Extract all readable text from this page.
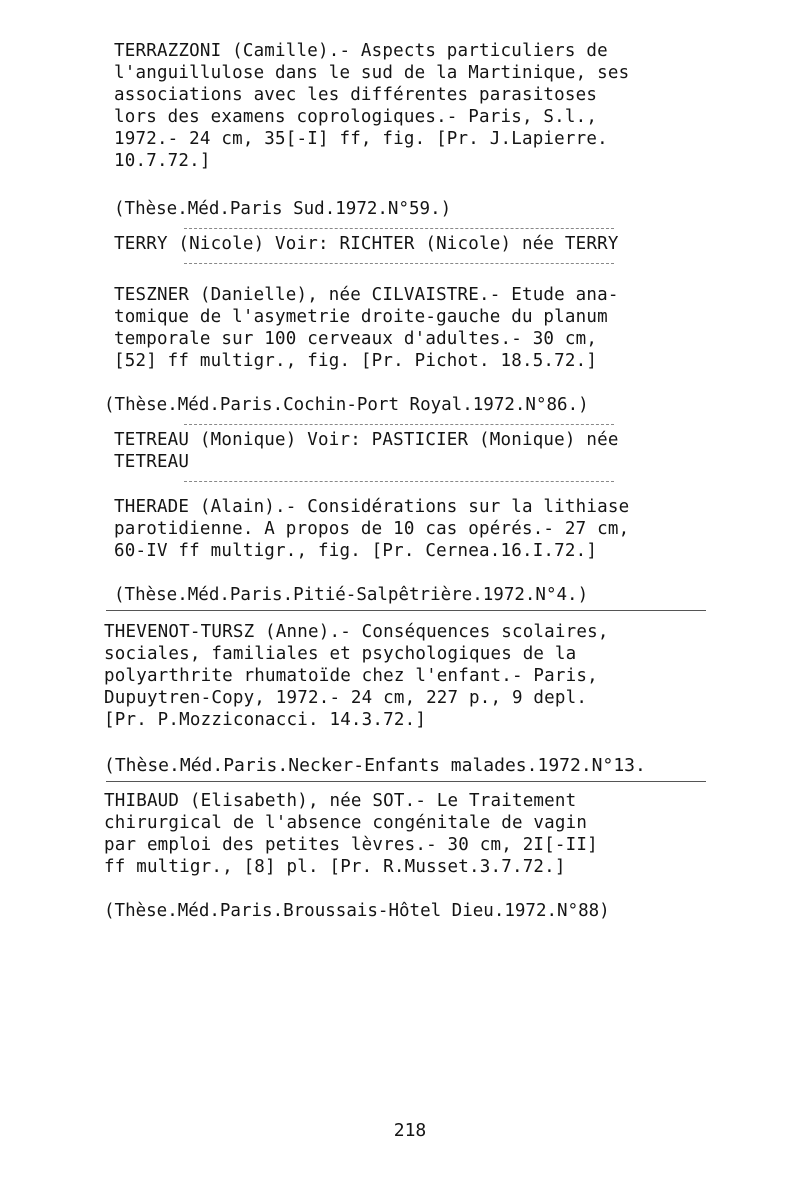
TERRAZZONI (Camille).- Aspects particuliers de
l'anguillulose dans le sud de la Martinique, ses
associations avec les différentes parasitoses
lors des examens coprologiques.- Paris, S.l.,
1972.- 24 cm, 35[-I] ff, fig. [Pr. J.Lapierre.
10.7.72.]
(Thèse.Méd.Paris Sud.1972.N°59.)
TERRY (Nicole) Voir: RICHTER (Nicole) née TERRY
TESZNER (Danielle), née CILVAISTRE.- Etude ana-
tomique de l'asymetrie droite-gauche du planum
temporale sur 100 cerveaux d'adultes.- 30 cm,
[52] ff multigr., fig. [Pr. Pichot. 18.5.72.]
(Thèse.Méd.Paris.Cochin-Port Royal.1972.N°86.)
TETREAU (Monique) Voir: PASTICIER (Monique) née
TETREAU
THERADE (Alain).- Considérations sur la lithiase
parotidienne. A propos de 10 cas opérés.- 27 cm,
60-IV ff multigr., fig. [Pr. Cernea.16.I.72.]
(Thèse.Méd.Paris.Pitié-Salpêtrière.1972.N°4.)
THEVENOT-TURSZ (Anne).- Conséquences scolaires,
sociales, familiales et psychologiques de la
polyarthrite rhumatoïde chez l'enfant.- Paris,
Dupuytren-Copy, 1972.- 24 cm, 227 p., 9 depl.
[Pr. P.Mozziconacci. 14.3.72.]
(Thèse.Méd.Paris.Necker-Enfants malades.1972.N°13.
THIBAUD (Elisabeth), née SOT.- Le Traitement
chirurgical de l'absence congénitale de vagin
par emploi des petites lèvres.- 30 cm, 2I[-II]
ff multigr., [8] pl. [Pr. R.Musset.3.7.72.]
(Thèse.Méd.Paris.Broussais-Hôtel Dieu.1972.N°88)
218
